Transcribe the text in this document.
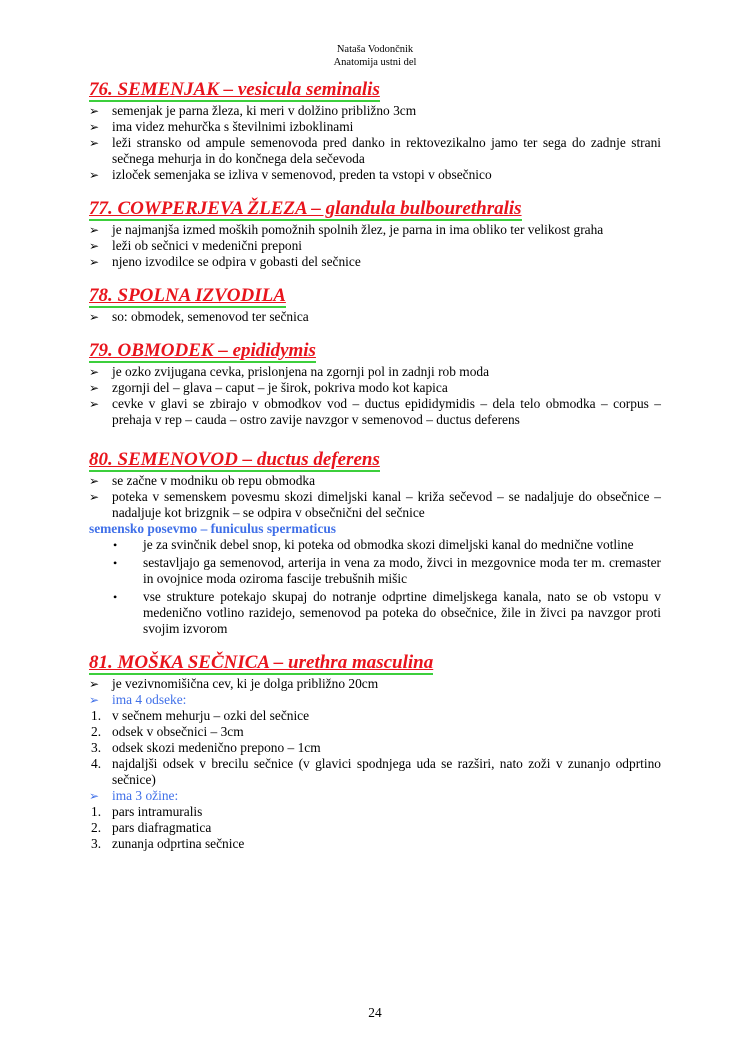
Nataša Vodončnik
Anatomija ustni del
76. SEMENJAK – vesicula seminalis
➢ semenjak je parna žleza, ki meri v dolžino približno 3cm
➢ ima videz mehurčka s številnimi izboklinami
➢ leži stransko od ampule semenovoda pred danko in rektovezikalno jamo ter sega do zadnje strani sečnega mehurja in do končnega dela sečevoda
➢ izloček semenjaka se izliva v semenovod, preden ta vstopi v obsečnico
77. COWPERJEVA ŽLEZA – glandula bulbourethralis
➢ je najmanjša izmed moških pomožnih spolnih žlez, je parna in ima obliko ter velikost graha
➢ leži ob sečnici v medenični preponi
➢ njeno izvodilce se odpira v gobasti del sečnice
78. SPOLNA IZVODILA
➢ so: obmodek, semenovod ter sečnica
79. OBMODEK – epididymis
➢ je ozko zvijugana cevka, prislonjena na zgornji pol in zadnji rob moda
➢ zgornji del – glava – caput – je širok, pokriva modo kot kapica
➢ cevke v glavi se zbirajo v obmodkov vod – ductus epididymidis – dela telo obmodka – corpus – prehaja v rep – cauda – ostro zavije navzgor v semenovod – ductus deferens
80. SEMENOVOD – ductus deferens
➢ se začne v modniku ob repu obmodka
➢ poteka v semenskem povesmu skozi dimeljski kanal – križa sečevod – se nadaljuje do obsečnice – nadaljuje kot brizgnik – se odpira v obsečnični del sečnice
semensko posevmo – funiculus spermaticus
• je za svinčnik debel snop, ki poteka od obmodka skozi dimeljski kanal do mednične votline
• sestavljajo ga semenovod, arterija in vena za modo, živci in mezgovnice moda ter m. cremaster in ovojnice moda oziroma fascije trebušnih mišic
• vse strukture potekajo skupaj do notranje odprtine dimeljskega kanala, nato se ob vstopu v medenično votlino razidejo, semenovod pa poteka do obsečnice, žile in živci pa navzgor proti svojim izvorom
81. MOŠKA SEČNICA – urethra masculina
➢ je vezivnomišična cev, ki je dolga približno 20cm
➢ ima 4 odseke:
1. v sečnem mehurju – ozki del sečnice
2. odsek v obsečnici – 3cm
3. odsek skozi medenično prepono – 1cm
4. najdaljši odsek v brecilu sečnice (v glavici spodnjega uda se razširi, nato zoži v zunanjo odprtino sečnice)
➢ ima 3 ožine:
1. pars intramuralis
2. pars diafragmatica
3. zunanja odprtina sečnice
24
